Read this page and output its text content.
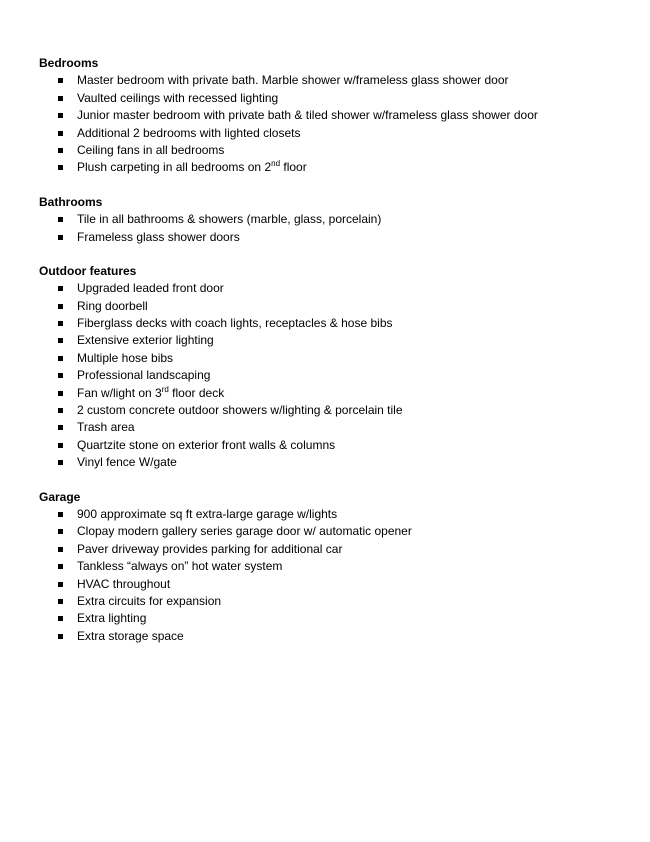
Bedrooms
Master bedroom with private bath. Marble shower w/frameless glass shower door
Vaulted ceilings with recessed lighting
Junior master bedroom with private bath & tiled shower w/frameless glass shower door
Additional 2 bedrooms with lighted closets
Ceiling fans in all bedrooms
Plush carpeting in all bedrooms on 2nd floor
Bathrooms
Tile in all bathrooms & showers (marble, glass, porcelain)
Frameless glass shower doors
Outdoor features
Upgraded leaded front door
Ring doorbell
Fiberglass decks with coach lights, receptacles & hose bibs
Extensive exterior lighting
Multiple hose bibs
Professional landscaping
Fan w/light on 3rd floor deck
2 custom concrete outdoor showers w/lighting & porcelain tile
Trash area
Quartzite stone on exterior front walls & columns
Vinyl fence W/gate
Garage
900 approximate sq ft extra-large garage w/lights
Clopay modern gallery series garage door w/ automatic opener
Paver driveway provides parking for additional car
Tankless “always on” hot water system
HVAC throughout
Extra circuits for expansion
Extra lighting
Extra storage space
